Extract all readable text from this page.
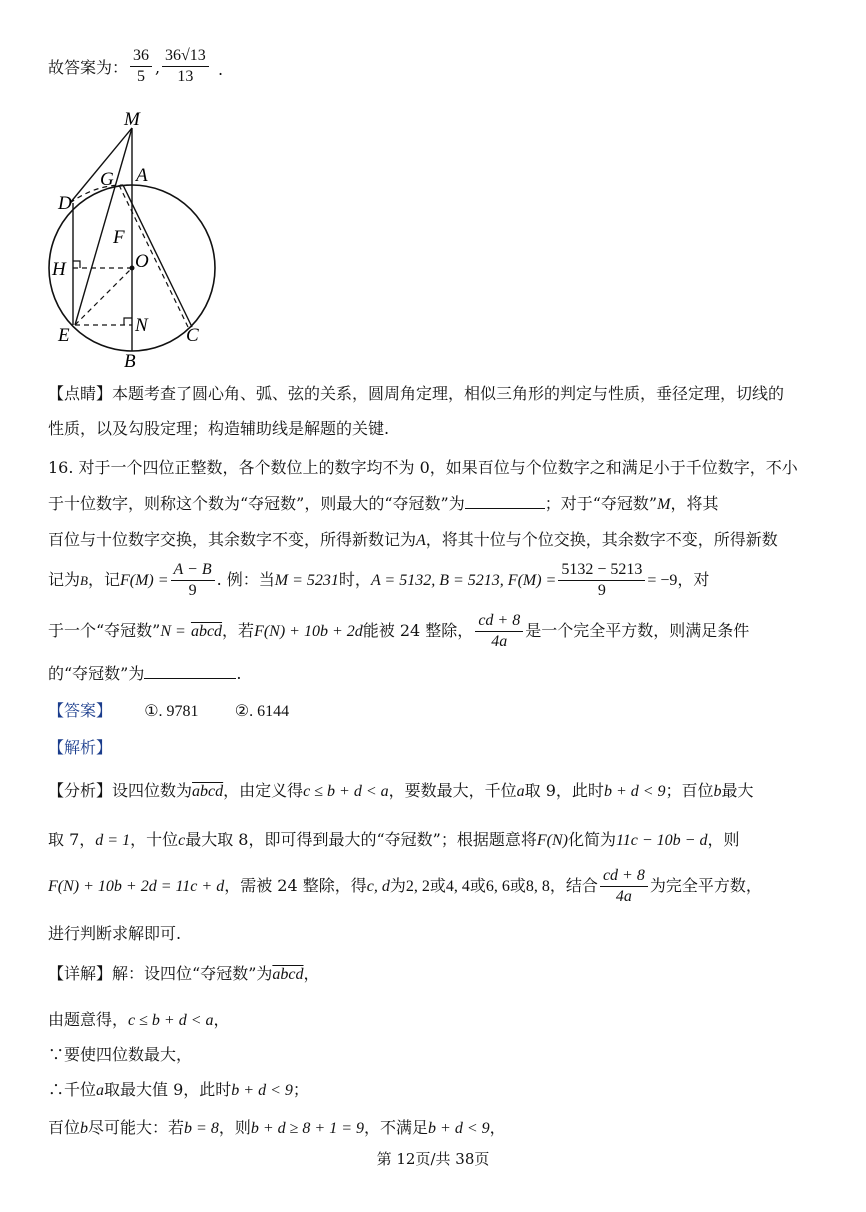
故答案为： $\frac{36}{5}$ , $\frac{36√13}{13}$ .
M
A
G
D
F
H	O
E	N
B
C
【点睛】本题考查了圆心角、弧、弦的关系，圆周角定理，相似三角形的判定与性质，垂径定理，切线的
性质，以及勾股定理；构造辅助线是解题的关键.
16. 对于一个四位正整数，各个数位上的数字均不为 0，如果百位与个位数字之和满足小于千位数字，不小
于十位数字，则称这个数为“夺冠数”，则最大的“夺冠数”为	；对于“夺冠数”M，将其
百位与十位数字交换，其余数字不变，所得新数记为A，将其十位与个位交换，其余数字不变，所得新数
记为B，记$F(M) = \frac{A - B}{9}$ . 例：当M = 5231时，A = 5132, B = 5213, $F(M) = \frac{5132 - 5213}{9} = -9$，对
于一个“夺冠数”N = abcd，若F(N) + 10b + 2d能被 24 整除， $\frac{cd + 8}{4a}$ 是一个完全平方数，则满足条件
的“夺冠数”为	.
【答案】 ①. 9781 ②. 6144
【解析】
【分析】设四位数为abcd，由定义得c ≤ b + d < a，要数最大，千位a取 9，此时b + d < 9；百位b最大
取 7，d = 1，十位c最大取 8，即可得到最大的“夺冠数”；根据题意将F(N)化简为11c − 10b − d，则
F(N) + 10b + 2d = 11c + d，需被 24 整除，得c, d为2, 2或4, 4或6, 6或8, 8，结合 $\frac{cd + 8}{4a}$ 为完全平方数，
进行判断求解即可.
【详解】解：设四位“夺冠数”为abcd，
由题意得，c ≤ b + d < a，
∵要使四位数最大，
∴千位a取最大值 9，此时b + d < 9；
百位b尽可能大：若b = 8，则b + d ≥ 8 + 1 = 9，不满足b + d < 9，
第 12页/共 38页
